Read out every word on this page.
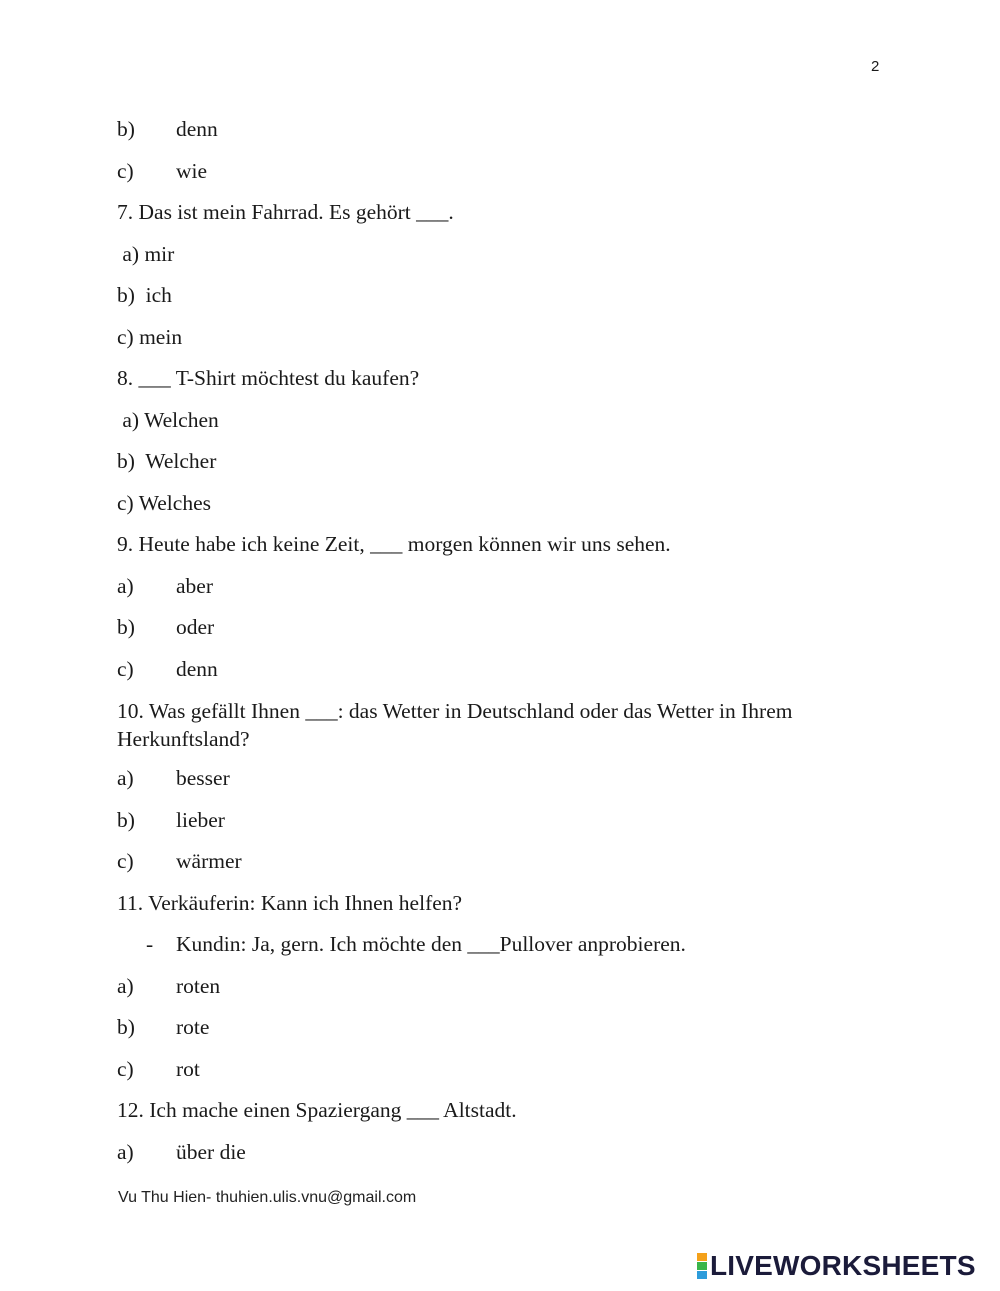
2
b) denn
c) wie
7. Das ist mein Fahrrad. Es gehört ___.
a) mir
b)  ich
c) mein
8. ___ T-Shirt möchtest du kaufen?
a) Welchen
b)  Welcher
c) Welches
9. Heute habe ich keine Zeit, ___ morgen können wir uns sehen.
a) aber
b) oder
c) denn
10. Was gefällt Ihnen ___: das Wetter in Deutschland oder das Wetter in Ihrem Herkunftsland?
a) besser
b) lieber
c) wärmer
11. Verkäuferin: Kann ich Ihnen helfen?
- Kundin: Ja, gern. Ich möchte den ___Pullover anprobieren.
a) roten
b) rote
c) rot
12. Ich mache einen Spaziergang ___ Altstadt.
a) über die
Vu Thu Hien- thuhien.ulis.vnu@gmail.com
LIVEWORKSHEETS
